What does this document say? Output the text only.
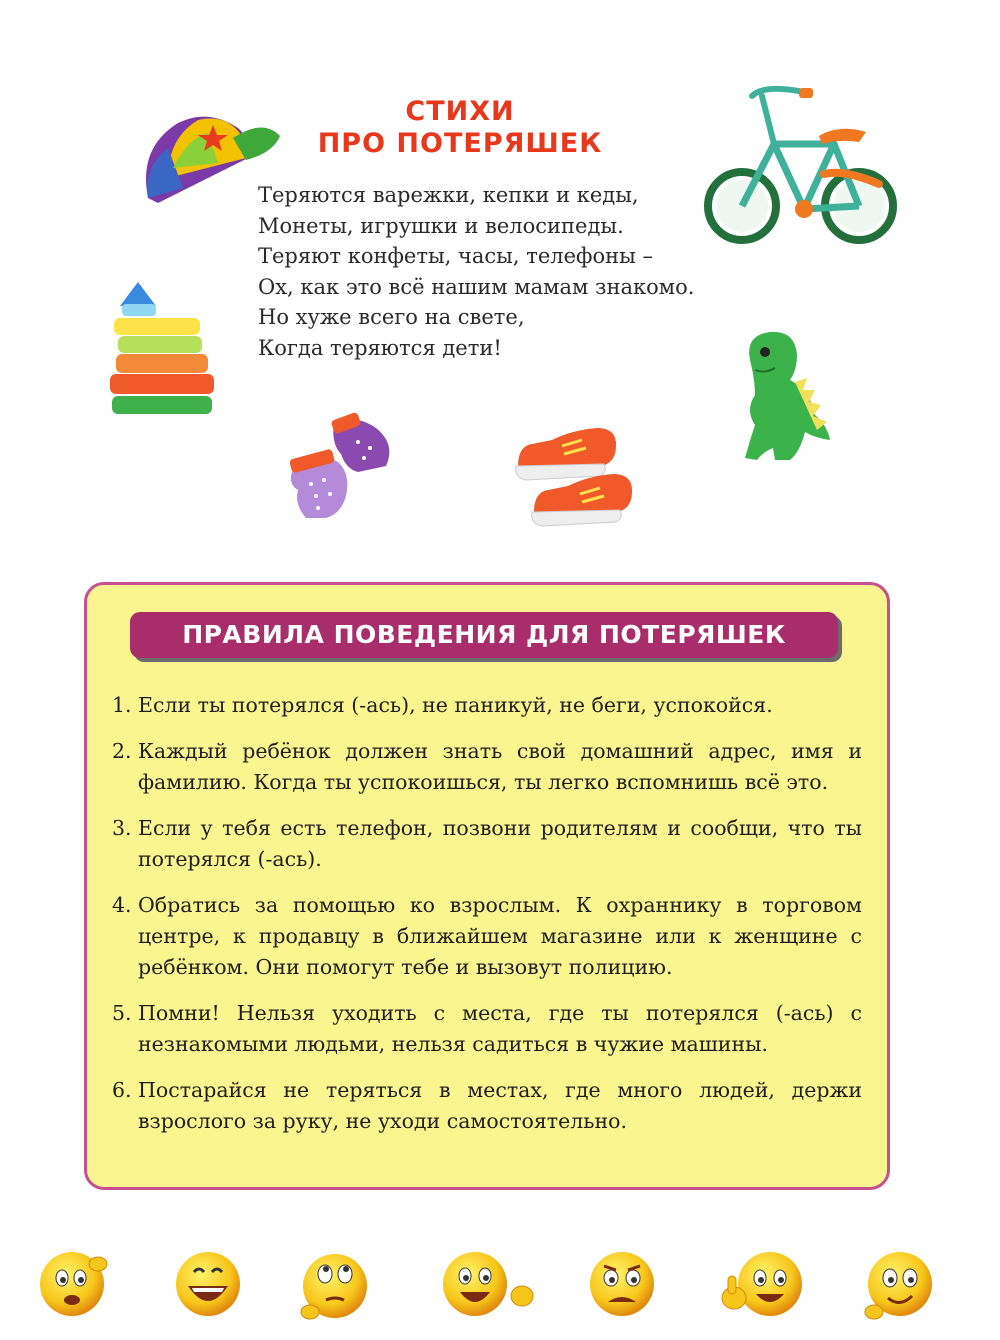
СТИХИ
ПРО ПОТЕРЯШЕК
Теряются варежки, кепки и кеды,
Монеты, игрушки и велосипеды.
Теряют конфеты, часы, телефоны –
Ох, как это всё нашим мамам знакомо.
Но хуже всего на свете,
Когда теряются дети!
ПРАВИЛА ПОВЕДЕНИЯ ДЛЯ ПОТЕРЯШЕК
1. Если ты потерялся (-ась), не паникуй, не беги, успокойся.
2. Каждый ребёнок должен знать свой домашний адрес, имя и фамилию. Когда ты успокоишься, ты легко вспомнишь всё это.
3. Если у тебя есть телефон, позвони родителям и сообщи, что ты потерялся (-ась).
4. Обратись за помощью ко взрослым. К охраннику в торговом центре, к продавцу в ближайшем магазине или к женщине с ребёнком. Они помогут тебе и вызовут полицию.
5. Помни! Нельзя уходить с места, где ты потерялся (-ась) с незнакомыми людьми, нельзя садиться в чужие машины.
6. Постарайся не теряться в местах, где много людей, держи взрослого за руку, не уходи самостоятельно.
